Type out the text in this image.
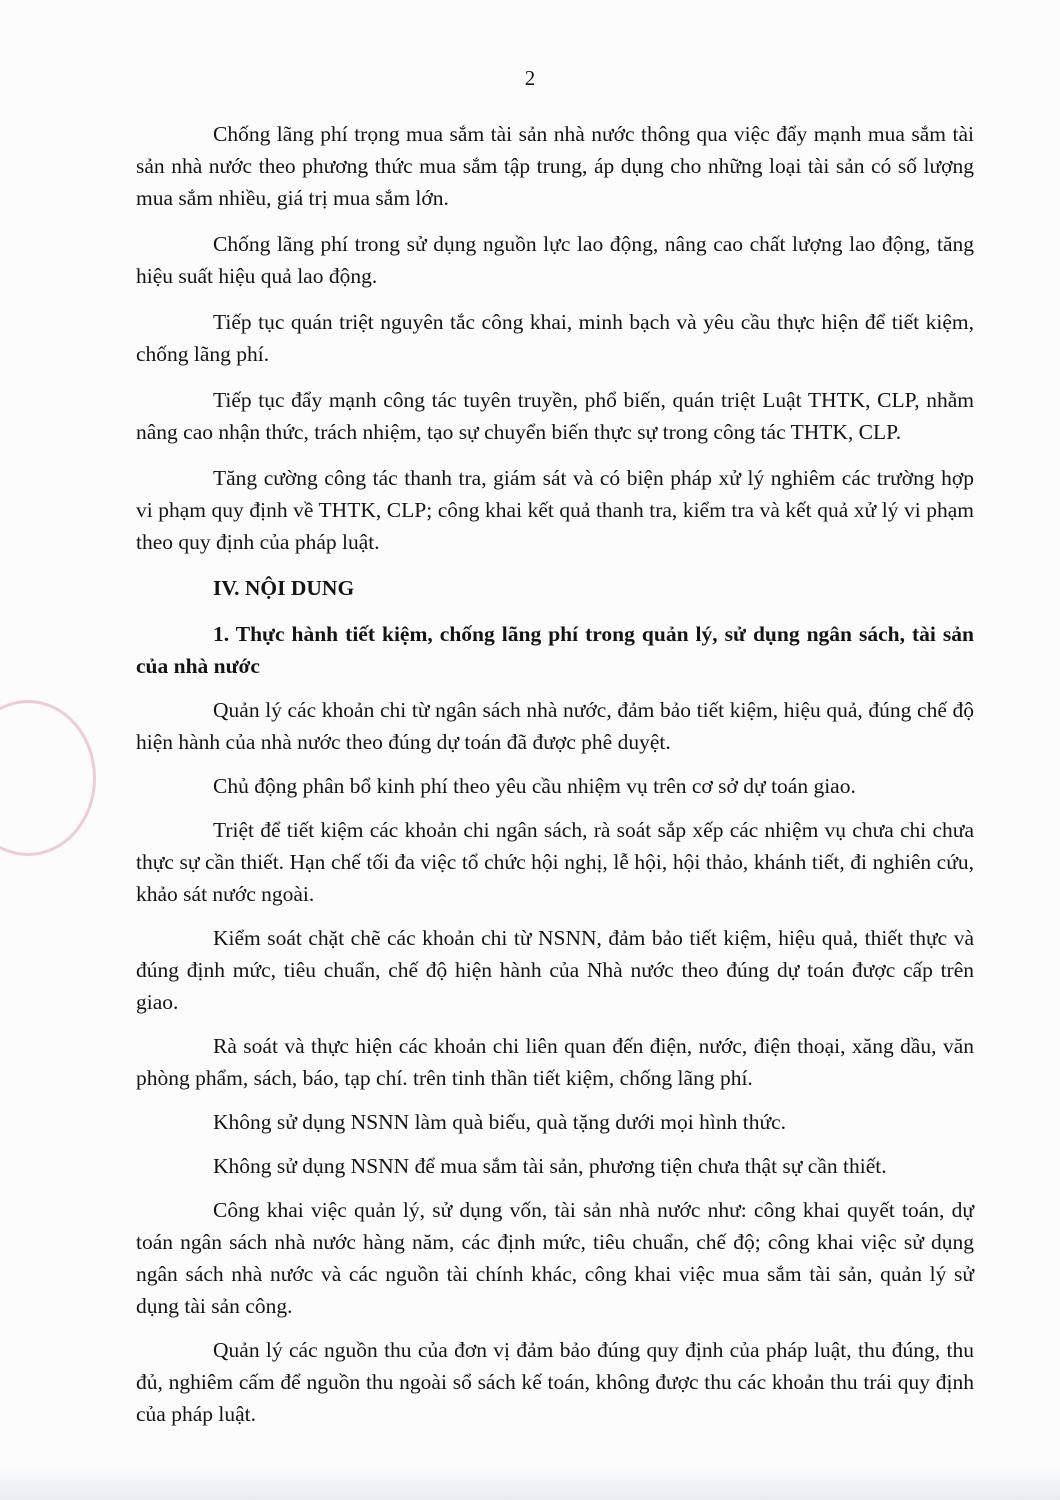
2

Chống lãng phí trọng mua sắm tài sản nhà nước thông qua việc đẩy mạnh mua sắm tài sản nhà nước theo phương thức mua sắm tập trung, áp dụng cho những loại tài sản có số lượng mua sắm nhiều, giá trị mua sắm lớn.

Chống lãng phí trong sử dụng nguồn lực lao động, nâng cao chất lượng lao động, tăng hiệu suất hiệu quả lao động.

Tiếp tục quán triệt nguyên tắc công khai, minh bạch và yêu cầu thực hiện để tiết kiệm, chống lãng phí.

Tiếp tục đẩy mạnh công tác tuyên truyền, phổ biến, quán triệt Luật THTK, CLP, nhằm nâng cao nhận thức, trách nhiệm, tạo sự chuyển biến thực sự trong công tác THTK, CLP.

Tăng cường công tác thanh tra, giám sát và có biện pháp xử lý nghiêm các trường hợp vi phạm quy định về THTK, CLP; công khai kết quả thanh tra, kiểm tra và kết quả xử lý vi phạm theo quy định của pháp luật.

IV. NỘI DUNG

1. Thực hành tiết kiệm, chống lãng phí trong quản lý, sử dụng ngân sách, tài sản của nhà nước

Quản lý các khoản chi từ ngân sách nhà nước, đảm bảo tiết kiệm, hiệu quả, đúng chế độ hiện hành của nhà nước theo đúng dự toán đã được phê duyệt.

Chủ động phân bổ kinh phí theo yêu cầu nhiệm vụ trên cơ sở dự toán giao.

Triệt để tiết kiệm các khoản chi ngân sách, rà soát sắp xếp các nhiệm vụ chưa chi chưa thực sự cần thiết. Hạn chế tối đa việc tổ chức hội nghị, lễ hội, hội thảo, khánh tiết, đi nghiên cứu, khảo sát nước ngoài.

Kiểm soát chặt chẽ các khoản chi từ NSNN, đảm bảo tiết kiệm, hiệu quả, thiết thực và đúng định mức, tiêu chuẩn, chế độ hiện hành của Nhà nước theo đúng dự toán được cấp trên giao.

Rà soát và thực hiện các khoản chi liên quan đến điện, nước, điện thoại, xăng dầu, văn phòng phẩm, sách, báo, tạp chí. trên tinh thần tiết kiệm, chống lãng phí.

Không sử dụng NSNN làm quà biếu, quà tặng dưới mọi hình thức.

Không sử dụng NSNN để mua sắm tài sản, phương tiện chưa thật sự cần thiết.

Công khai việc quản lý, sử dụng vốn, tài sản nhà nước như: công khai quyết toán, dự toán ngân sách nhà nước hàng năm, các định mức, tiêu chuẩn, chế độ; công khai việc sử dụng ngân sách nhà nước và các nguồn tài chính khác, công khai việc mua sắm tài sản, quản lý sử dụng tài sản công.

Quản lý các nguồn thu của đơn vị đảm bảo đúng quy định của pháp luật, thu đúng, thu đủ, nghiêm cấm để nguồn thu ngoài sổ sách kế toán, không được thu các khoản thu trái quy định của pháp luật.
